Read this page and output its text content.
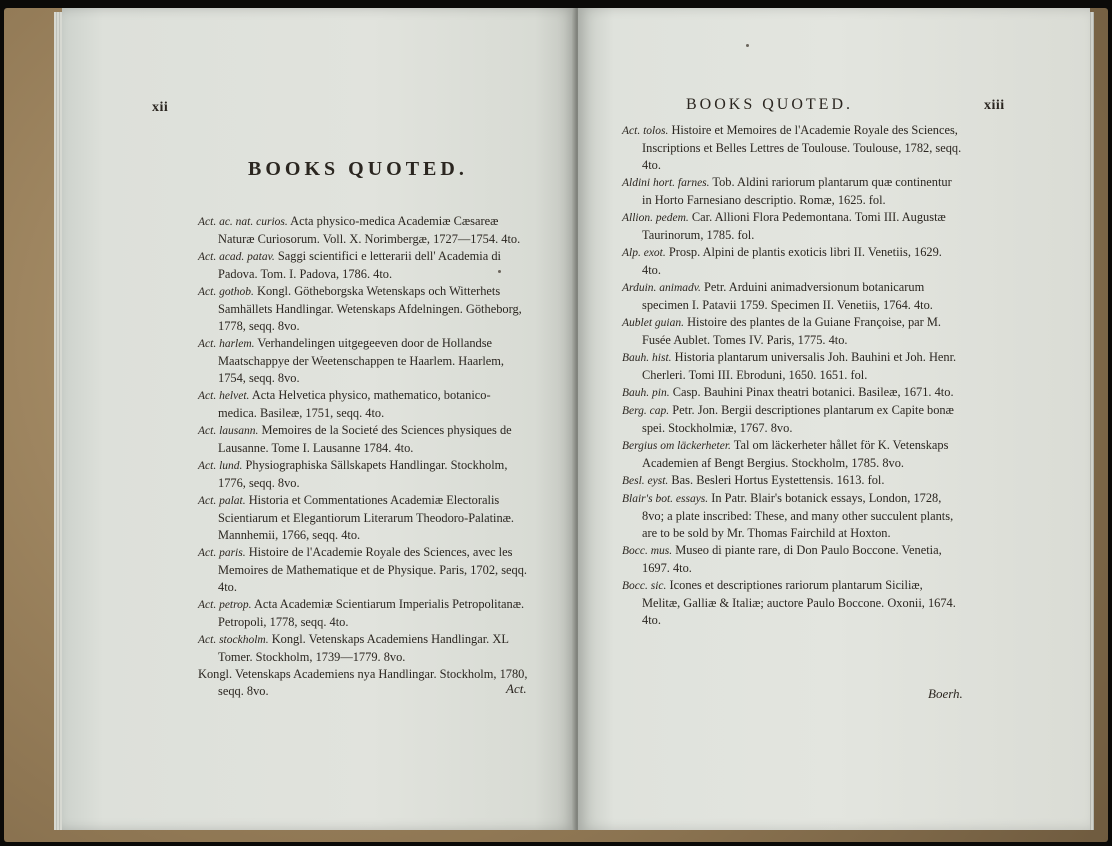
xii
BOOKS QUOTED.

Act. ac. nat. curios. Acta physico-medica Academiæ Cæsareæ Naturæ Curiosorum. Voll. X. Norimbergæ, 1727—1754. 4to.

Act. acad. patav. Saggi scientifici e letterarii dell' Academia di Padova. Tom. I. Padova, 1786. 4to.

Act. gothob. Kongl. Götheborgska Wetenskaps och Witterhets Samhällets Handlingar. Wetenskaps Afdelningen. Götheborg, 1778, seqq. 8vo.

Act. harlem. Verhandelingen uitgegeeven door de Hollandse Maatschappye der Weetenschappen te Haarlem. Haarlem, 1754, seqq. 8vo.

Act. helvet. Acta Helvetica physico, mathematico, botanico-medica. Basileæ, 1751, seqq. 4to.

Act. lausann. Memoires de la Societé des Sciences physiques de Lausanne. Tome I. Lausanne 1784. 4to.

Act. lund. Physiographiska Sällskapets Handlingar. Stockholm, 1776, seqq. 8vo.

Act. palat. Historia et Commentationes Academiæ Electoralis Scientiarum et Elegantiorum Literarum Theodoro-Palatinæ. Mannhemii, 1766, seqq. 4to.

Act. paris. Histoire de l'Academie Royale des Sciences, avec les Memoires de Mathematique et de Physique. Paris, 1702, seqq. 4to.

Act. petrop. Acta Academiæ Scientiarum Imperialis Petropolitanæ. Petropoli, 1778, seqq. 4to.

Act. stockholm. Kongl. Vetenskaps Academiens Handlingar. XL Tomer. Stockholm, 1739—1779. 8vo.

Kongl. Vetenskaps Academiens nya Handlingar. Stockholm, 1780, seqq. 8vo.	Act.
BOOKS QUOTED.	xiii

Act. tolos. Histoire et Memoires de l'Academie Royale des Sciences, Inscriptions et Belles Lettres de Toulouse. Toulouse, 1782, seqq. 4to.

Aldini hort. farnes. Tob. Aldini rariorum plantarum quæ continentur in Horto Farnesiano descriptio. Romæ, 1625. fol.

Allion. pedem. Car. Allioni Flora Pedemontana. Tomi III. Augustæ Taurinorum, 1785. fol.

Alp. exot. Prosp. Alpini de plantis exoticis libri II. Venetiis, 1629. 4to.

Arduin. animadv. Petr. Arduini animadversionum botanicarum specimen I. Patavii 1759. Specimen II. Venetiis, 1764. 4to.

Aublet guian. Histoire des plantes de la Guiane Françoise, par M. Fusée Aublet. Tomes IV. Paris, 1775. 4to.

Bauh. hist. Historia plantarum universalis Joh. Bauhini et Joh. Henr. Cherleri. Tomi III. Ebroduni, 1650. 1651. fol.

Bauh. pin. Casp. Bauhini Pinax theatri botanici. Basileæ, 1671. 4to.

Berg. cap. Petr. Jon. Bergii descriptiones plantarum ex Capite bonæ spei. Stockholmiæ, 1767. 8vo.

Bergius om läckerheter. Tal om läckerheter hållet för K. Vetenskaps Academien af Bengt Bergius. Stockholm, 1785. 8vo.

Besl. eyst. Bas. Besleri Hortus Eystettensis. 1613. fol.

Blair's bot. essays. In Patr. Blair's botanick essays, London, 1728, 8vo; a plate inscribed: These, and many other succulent plants, are to be sold by Mr. Thomas Fairchild at Hoxton.

Bocc. mus. Museo di piante rare, di Don Paulo Boccone. Venetia, 1697. 4to.

Bocc. sic. Icones et descriptiones rariorum plantarum Siciliæ, Melitæ, Galliæ & Italiæ; auctore Paulo Boccone. Oxonii, 1674. 4to.

Boerh.
